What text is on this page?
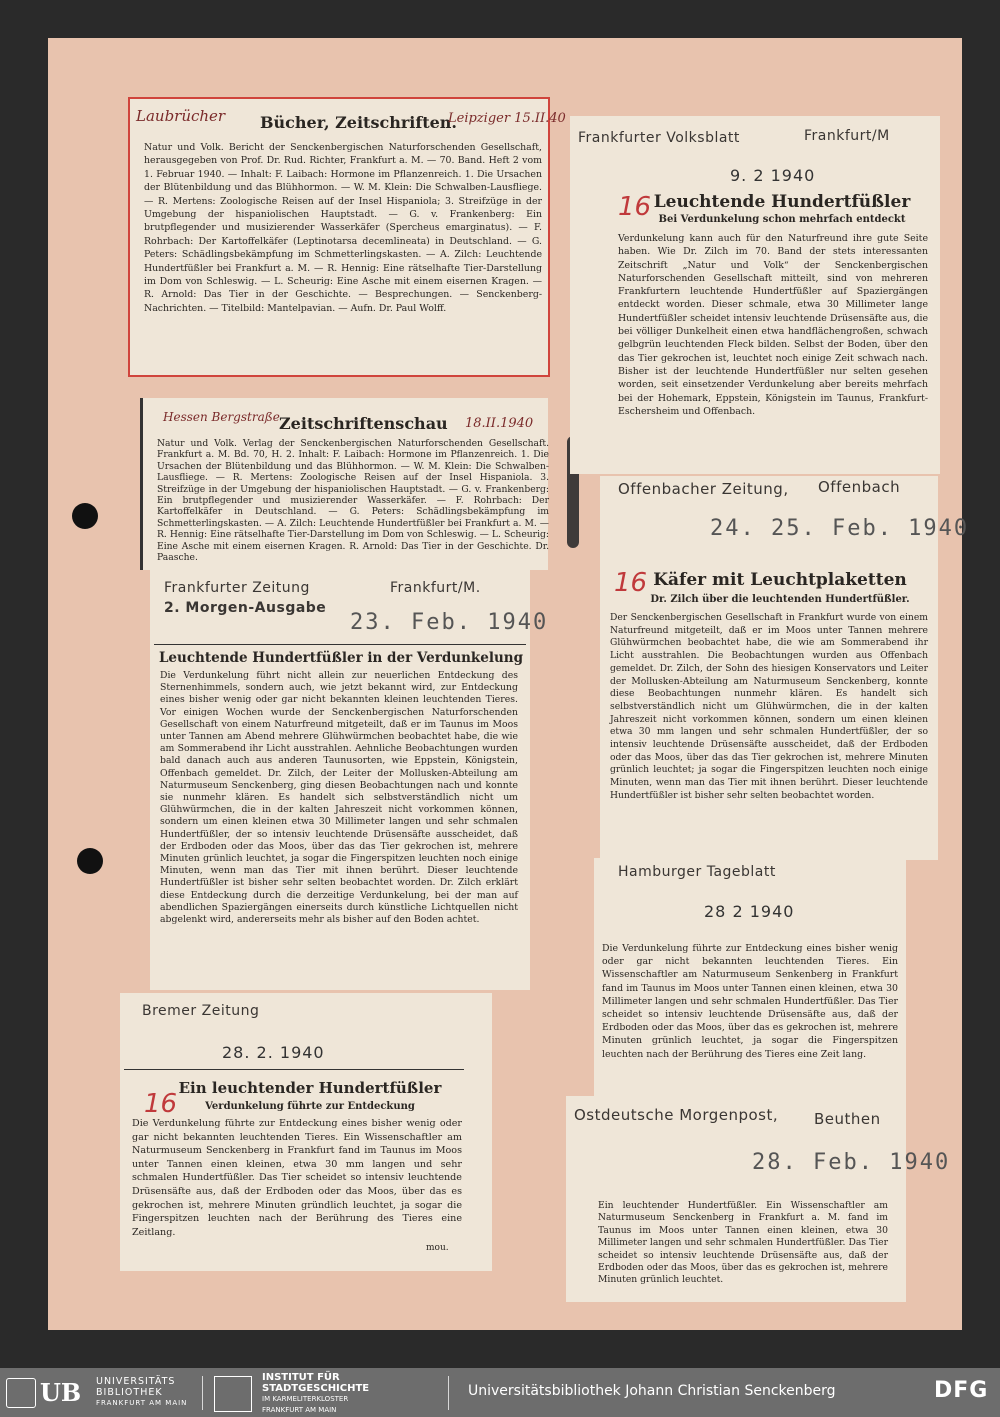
Laubrücher Bücher, Zeitschriften.
Leipziger 15.II.40
Natur und Volk. Bericht der Senckenbergischen Naturforschenden Gesellschaft, herausgegeben von Prof. Dr. Rud. Richter, Frankfurt a. M. — 70. Band. Heft 2 vom 1. Februar 1940. — Inhalt: F. Laibach: Hormone im Pflanzenreich. 1. Die Ursachen der Blütenbildung und das Blühhormon. — W. M. Klein: Die Schwalben-Lausfliege. — R. Mertens: Zoologische Reisen auf der Insel Hispaniola; 3. Streifzüge in der Umgebung der hispaniolischen Hauptstadt. — G. v. Frankenberg: Ein brutpflegender und musizierender Wasserkäfer (Spercheus emarginatus). — F. Rohrbach: Der Kartoffelkäfer (Leptinotarsa decemlineata) in Deutschland. — G. Peters: Schädlingsbekämpfung im Schmetterlingskasten. — A. Zilch: Leuchtende Hundertfüßler bei Frankfurt a. M. — R. Hennig: Eine rätselhafte Tier-Darstellung im Dom von Schleswig. — L. Scheurig: Eine Asche mit einem eisernen Kragen. — R. Arnold: Das Tier in der Geschichte. — Besprechungen. — Senckenberg-Nachrichten. — Titelbild: Mantelpavian. — Aufn. Dr. Paul Wolff.
Hessen Bergstraße Zeitschriftenschau 18.II.1940
Natur und Volk. Verlag der Senckenbergischen Naturforschenden Gesellschaft. Frankfurt a. M. Bd. 70, H. 2. Inhalt: F. Laibach: Hormone im Pflanzenreich. 1. Die Ursachen der Blütenbildung und das Blühhormon. — W. M. Klein: Die Schwalben-Lausfliege. — R. Mertens: Zoologische Reisen auf der Insel Hispaniola. 3. Streifzüge in der Umgebung der hispaniolischen Hauptstadt. — G. v. Frankenberg: Ein brutpflegender und musizierender Wasserkäfer. — F. Rohrbach: Der Kartoffelkäfer in Deutschland. — G. Peters: Schädlingsbekämpfung im Schmetterlingskasten. — A. Zilch: Leuchtende Hundertfüßler bei Frankfurt a. M. — R. Hennig: Eine rätselhafte Tier-Darstellung im Dom von Schleswig. — L. Scheurig: Eine Asche mit einem eisernen Kragen. R. Arnold: Das Tier in der Geschichte. Dr. Paasche.
Frankfurter Zeitung	Frankfurt/M.
2. Morgen-Ausgabe
23. Feb. 1940
Leuchtende Hundertfüßler in der Verdunkelung
Die Verdunkelung führt nicht allein zur neuerlichen Entdeckung des Sternenhimmels, sondern auch, wie jetzt bekannt wird, zur Entdeckung eines bisher wenig oder gar nicht bekannten kleinen leuchtenden Tieres. Vor einigen Wochen wurde der Senckenbergischen Naturforschenden Gesellschaft von einem Naturfreund mitgeteilt, daß er im Taunus im Moos unter Tannen am Abend mehrere Glühwürmchen beobachtet habe, die wie am Sommerabend ihr Licht ausstrahlen. Aehnliche Beobachtungen wurden bald danach auch aus anderen Taunusorten, wie Eppstein, Königstein, Offenbach gemeldet. Dr. Zilch, der Leiter der Mollusken-Abteilung am Naturmuseum Senckenberg, ging diesen Beobachtungen nach und konnte sie nunmehr klären. Es handelt sich selbstverständlich nicht um Glühwürmchen, die in der kalten Jahreszeit nicht vorkommen können, sondern um einen kleinen etwa 30 Millimeter langen und sehr schmalen Hundertfüßler, der so intensiv leuchtende Drüsensäfte ausscheidet, daß der Erdboden oder das Moos, über das das Tier gekrochen ist, mehrere Minuten grünlich leuchtet, ja sogar die Fingerspitzen leuchten noch einige Minuten, wenn man das Tier mit ihnen berührt. Dieser leuchtende Hundertfüßler ist bisher sehr selten beobachtet worden. Dr. Zilch erklärt diese Entdeckung durch die derzeitige Verdunkelung, bei der man auf abendlichen Spaziergängen einerseits durch künstliche Lichtquellen nicht abgelenkt wird, andererseits mehr als bisher auf den Boden achtet.
Bremer Zeitung
28. 2. 1940
16
Ein leuchtender Hundertfüßler
Verdunkelung führte zur Entdeckung
Die Verdunkelung führte zur Entdeckung eines bisher wenig oder gar nicht bekannten leuchtenden Tieres. Ein Wissenschaftler am Naturmuseum Senckenberg in Frankfurt fand im Taunus im Moos unter Tannen einen kleinen, etwa 30 mm langen und sehr schmalen Hundertfüßler. Das Tier scheidet so intensiv leuchtende Drüsensäfte aus, daß der Erdboden oder das Moos, über das es gekrochen ist, mehrere Minuten gründlich leuchtet, ja sogar die Fingerspitzen leuchten nach der Berührung des Tieres eine Zeitlang.
mou.
Frankfurter Volksblatt	Frankfurt/M
9. 2 1940
16 Leuchtende Hundertfüßler
Bei Verdunkelung schon mehrfach entdeckt
Verdunkelung kann auch für den Naturfreund ihre gute Seite haben. Wie Dr. Zilch im 70. Band der stets interessanten Zeitschrift „Natur und Volk“ der Senckenbergischen Naturforschenden Gesellschaft mitteilt, sind von mehreren Frankfurtern leuchtende Hundertfüßler auf Spaziergängen entdeckt worden. Dieser schmale, etwa 30 Millimeter lange Hundertfüßler scheidet intensiv leuchtende Drüsensäfte aus, die bei völliger Dunkelheit einen etwa handflächengroßen, schwach gelbgrün leuchtenden Fleck bilden. Selbst der Boden, über den das Tier gekrochen ist, leuchtet noch einige Zeit schwach nach. Bisher ist der leuchtende Hundertfüßler nur selten gesehen worden, seit einsetzender Verdunkelung aber bereits mehrfach bei der Hohemark, Eppstein, Königstein im Taunus, Frankfurt-Eschersheim und Offenbach.
Offenbacher Zeitung, Offenbach
24. 25. Feb. 1940
16 Käfer mit Leuchtplaketten
Dr. Zilch über die leuchtenden Hundertfüßler.
Der Senckenbergischen Gesellschaft in Frankfurt wurde von einem Naturfreund mitgeteilt, daß er im Moos unter Tannen mehrere Glühwürmchen beobachtet habe, die wie am Sommerabend ihr Licht ausstrahlen. Die Beobachtungen wurden aus Offenbach gemeldet. Dr. Zilch, der Sohn des hiesigen Konservators und Leiter der Mollusken-Abteilung am Naturmuseum Senckenberg, konnte diese Beobachtungen nunmehr klären. Es handelt sich selbstverständlich nicht um Glühwürmchen, die in der kalten Jahreszeit nicht vorkommen können, sondern um einen kleinen etwa 30 mm langen und sehr schmalen Hundertfüßler, der so intensiv leuchtende Drüsensäfte ausscheidet, daß der Erdboden oder das Moos, über das das Tier gekrochen ist, mehrere Minuten grünlich leuchtet; ja sogar die Fingerspitzen leuchten noch einige Minuten, wenn man das Tier mit ihnen berührt. Dieser leuchtende Hundertfüßler ist bisher sehr selten beobachtet worden.
Hamburger Tageblatt
28 2 1940
Die Verdunkelung führte zur Entdeckung eines bisher wenig oder gar nicht bekannten leuchtenden Tieres. Ein Wissenschaftler am Naturmuseum Senkenberg in Frankfurt fand im Taunus im Moos unter Tannen einen kleinen, etwa 30 Millimeter langen und sehr schmalen Hundertfüßler. Das Tier scheidet so intensiv leuchtende Drüsensäfte aus, daß der Erdboden oder das Moos, über das es gekrochen ist, mehrere Minuten grünlich leuchtet, ja sogar die Fingerspitzen leuchten nach der Berührung des Tieres eine Zeit lang.
Ostdeutsche Morgenpost, Beuthen
28. Feb. 1940
Ein leuchtender Hundertfüßler. Ein Wissenschaftler am Naturmuseum Senckenberg in Frankfurt a. M. fand im Taunus im Moos unter Tannen einen kleinen, etwa 30 Millimeter langen und sehr schmalen Hundertfüßler. Das Tier scheidet so intensiv leuchtende Drüsensäfte aus, daß der Erdboden oder das Moos, über das es gekrochen ist, mehrere Minuten grünlich leuchtet.
UB UNIVERSITÄTS
BIBLIOTHEK
FRANKFURT AM MAIN
INSTITUT FÜR
STADTGESCHICHTE
IM KARMELITERKLOSTER
FRANKFURT AM MAIN
Universitätsbibliothek Johann Christian Senckenberg	DFG
